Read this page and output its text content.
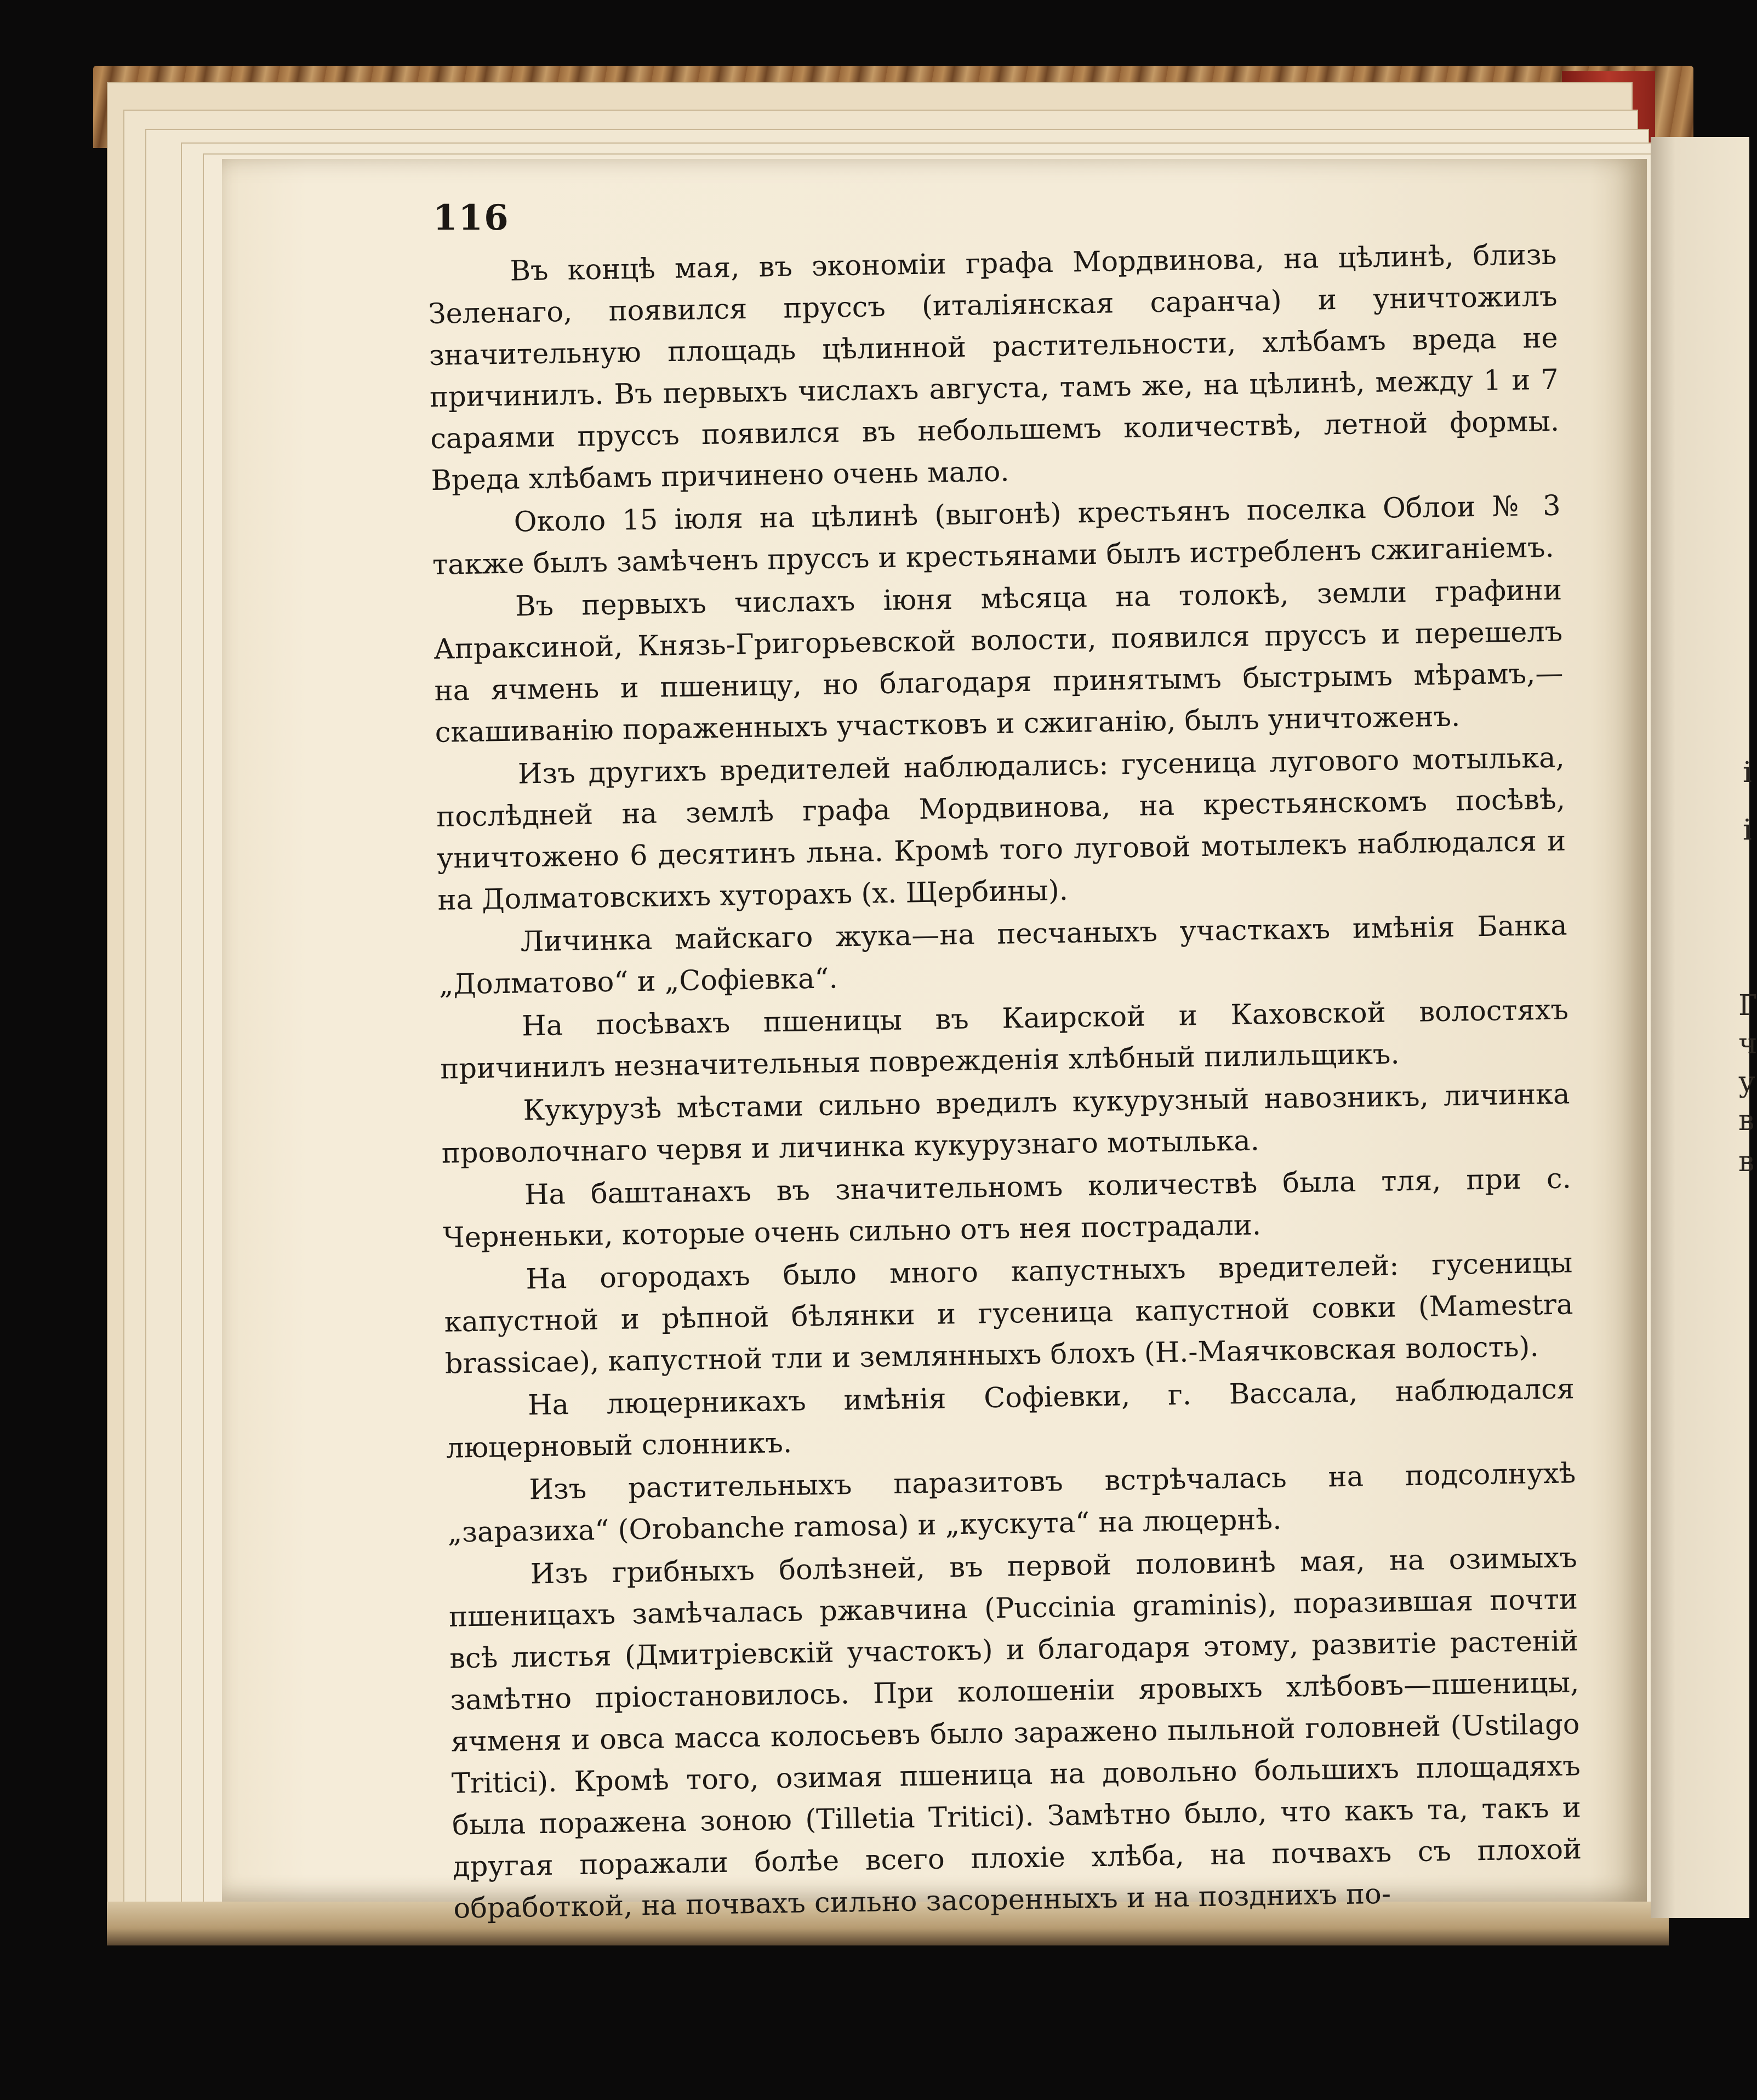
і
і
Г
ч
у
в
в
116

Въ концѣ мая, въ экономіи графа Мордвинова, на цѣлинѣ, близь Зеленаго, появился пруссъ (италіянская саранча) и уничтожилъ значительную площадь цѣлинной растительности, хлѣбамъ вреда не причинилъ. Въ первыхъ числахъ августа, тамъ же, на цѣлинѣ, между 1 и 7 сараями пруссъ появился въ небольшемъ количествѣ, летной формы. Вреда хлѣбамъ причинено очень мало.

Около 15 іюля на цѣлинѣ (выгонѣ) крестьянъ поселка Облои № 3 также былъ замѣченъ пруссъ и крестьянами былъ истребленъ сжиганіемъ.

Въ первыхъ числахъ іюня мѣсяца на толокѣ, земли графини Апраксиной, Князь-Григорьевской волости, появился пруссъ и перешелъ на ячмень и пшеницу, но благодаря принятымъ быстрымъ мѣрамъ,— скашиванію пораженныхъ участковъ и сжиганію, былъ уничтоженъ.

Изъ другихъ вредителей наблюдались: гусеница лугового мотылька, послѣдней на землѣ графа Мордвинова, на крестьянскомъ посѣвѣ, уничтожено 6 десятинъ льна. Кромѣ того луговой мотылекъ наблюдался и на Долматовскихъ хуторахъ (х. Щербины).

Личинка майскаго жука—на песчаныхъ участкахъ имѣнія Банка „Долматово“ и „Софіевка“.

На посѣвахъ пшеницы въ Каирской и Каховской волостяхъ причинилъ незначительныя поврежденія хлѣбный пилильщикъ.

Кукурузѣ мѣстами сильно вредилъ кукурузный навозникъ, личинка проволочнаго червя и личинка кукурузнаго мотылька.

На баштанахъ въ значительномъ количествѣ была тля, при с. Черненьки, которые очень сильно отъ нея пострадали.

На огородахъ было много капустныхъ вредителей: гусеницы капустной и рѣпной бѣлянки и гусеница капустной совки (Mamestra brassicae), капустной тли и землянныхъ блохъ (Н.-Маячковская волость).

На люцерникахъ имѣнія Софіевки, г. Вассала, наблюдался люцерновый слонникъ.

Изъ растительныхъ паразитовъ встрѣчалась на подсолнухѣ „заразиха“ (Orobanche ramosa) и „кускута“ на люцернѣ.

Изъ грибныхъ болѣзней, въ первой половинѣ мая, на озимыхъ пшеницахъ замѣчалась ржавчина (Puccinia graminis), поразившая почти всѣ листья (Дмитріевскій участокъ) и благодаря этому, развитіе растеній замѣтно пріостановилось. При колошеніи яровыхъ хлѣбовъ—пшеницы, ячменя и овса масса колосьевъ было заражено пыльной головней (Ustilago Tritici). Кромѣ того, озимая пшеница на довольно большихъ площадяхъ была поражена зоною (Tilletia Tritici). Замѣтно было, что какъ та, такъ и другая поражали болѣе всего плохіе хлѣба, на почвахъ съ плохой обработкой, на почвахъ сильно засоренныхъ и на позднихъ по-
